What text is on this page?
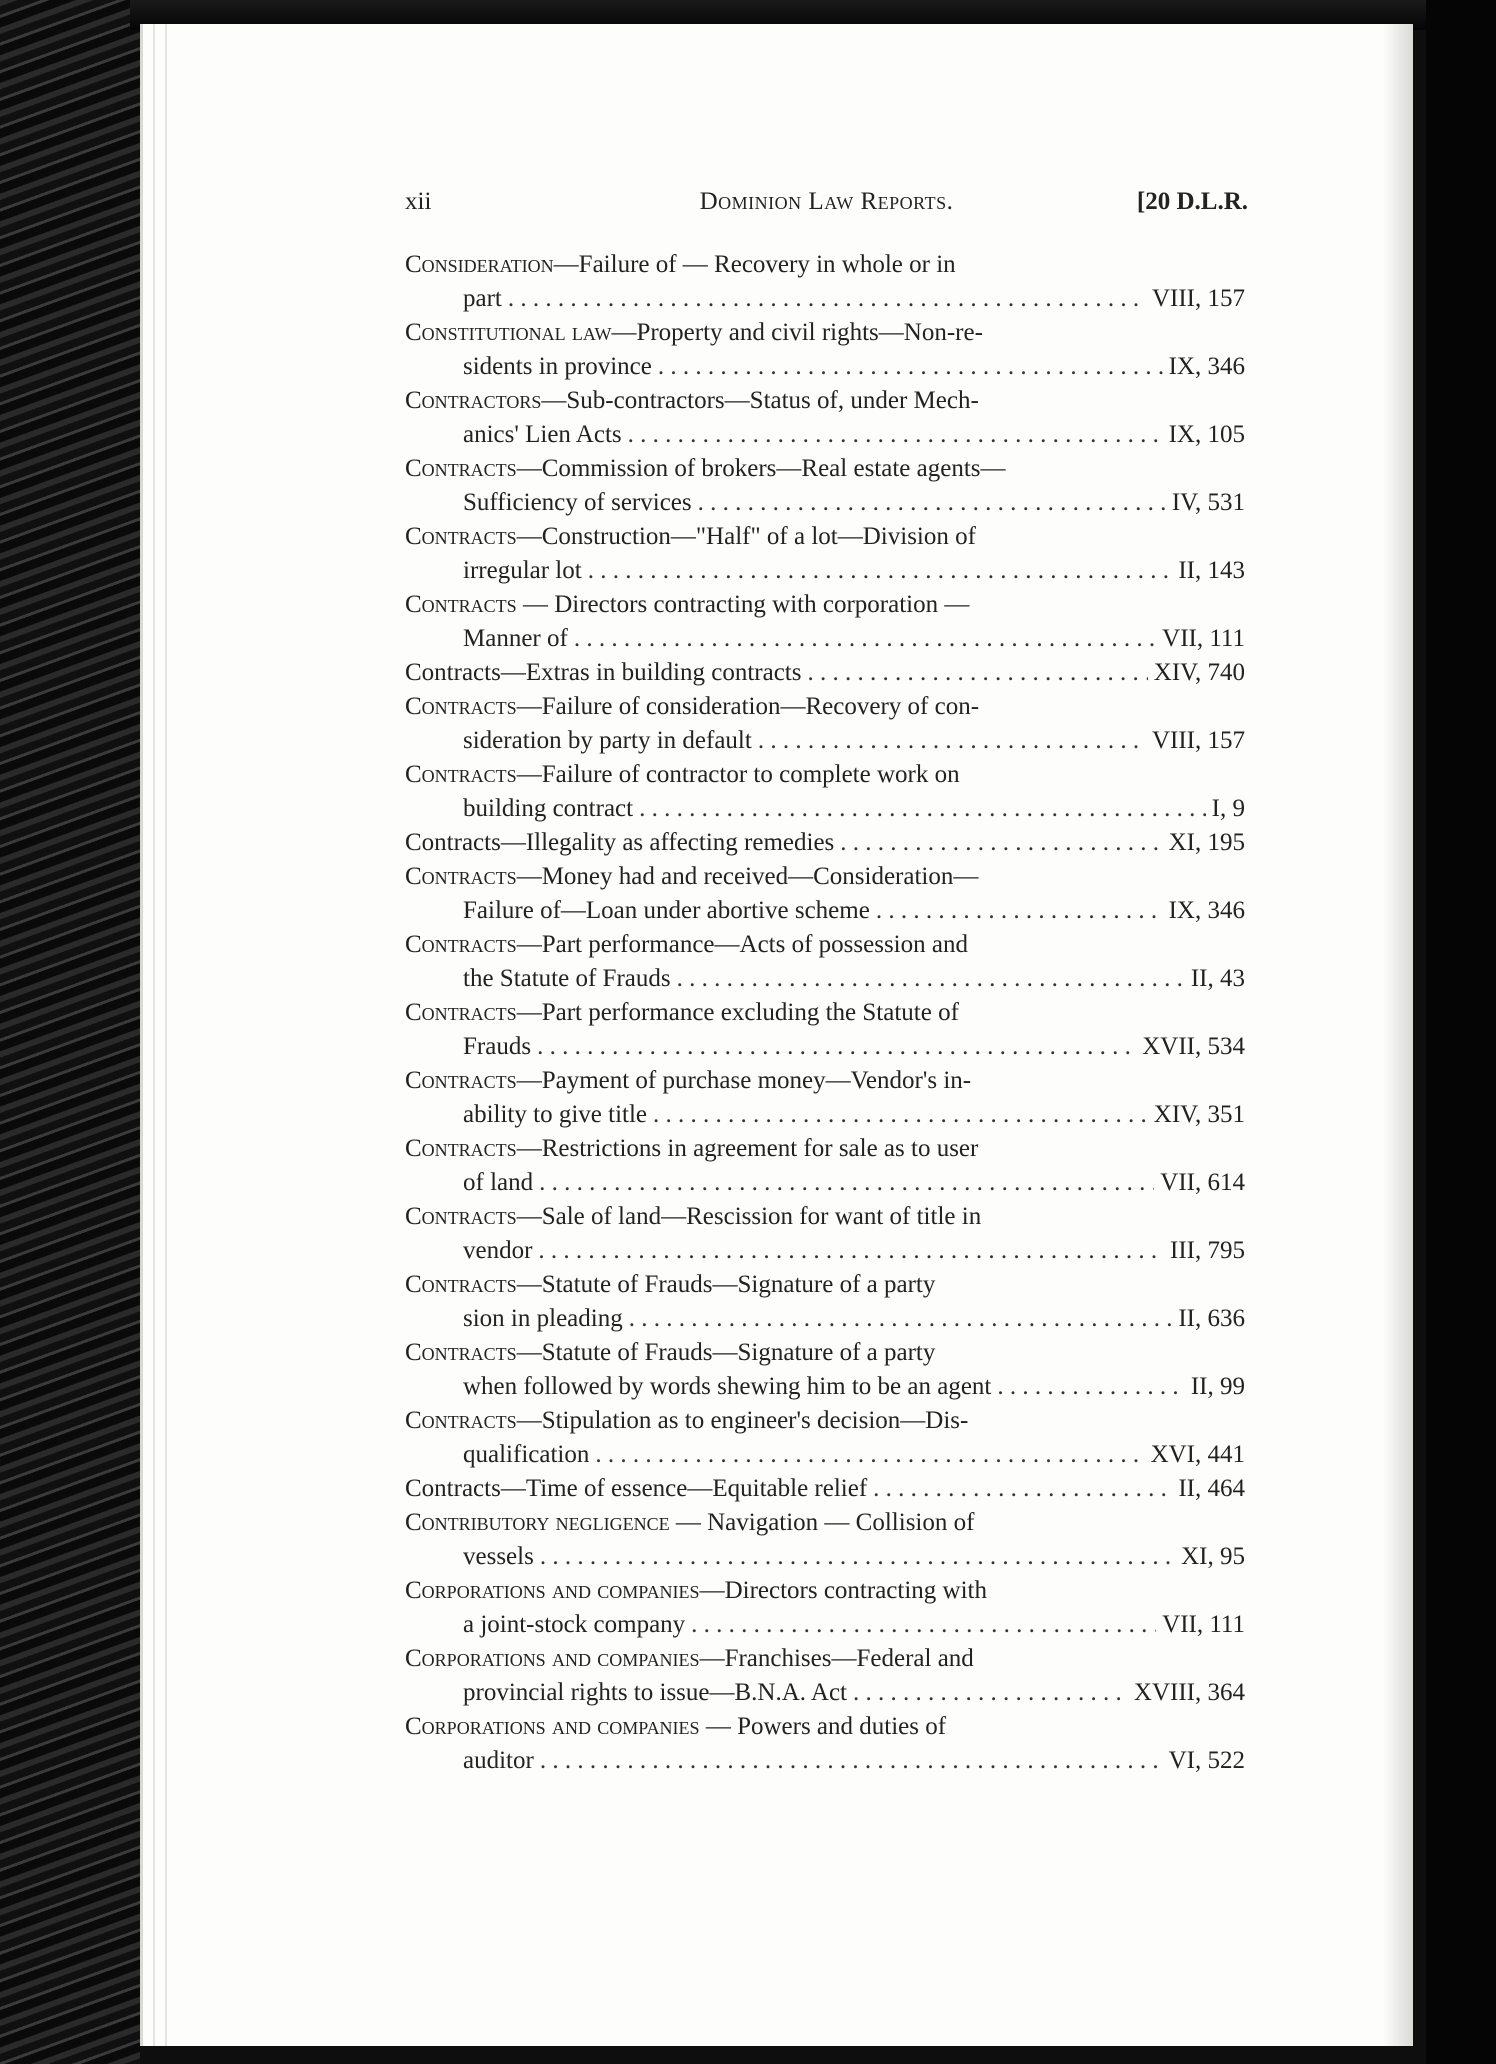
xii	Dominion Law Reports.	[20 D.L.R.
Consideration—Failure of — Recovery in whole or in
part . . .	VIII, 157
Constitutional law—Property and civil rights—Non-re-
sidents in province . . .	IX, 346
Contractors—Sub-contractors—Status of, under Mech-
anics' Lien Acts . . .	IX, 105
Contracts—Commission of brokers—Real estate agents—
Sufficiency of services . . .	IV, 531
Contracts—Construction—"Half" of a lot—Division of
irregular lot . . .	II, 143
Contracts — Directors contracting with corporation —
Manner of . . .	VII, 111
Contracts—Extras in building contracts . . .	XIV, 740
Contracts—Failure of consideration—Recovery of con-
sideration by party in default . . .	VIII, 157
Contracts—Failure of contractor to complete work on
building contract . . .	I, 9
Contracts—Illegality as affecting remedies . . .	XI, 195
Contracts—Money had and received—Consideration—
Failure of—Loan under abortive scheme . . .	IX, 346
Contracts—Part performance—Acts of possession and
the Statute of Frauds . . .	II, 43
Contracts—Part performance excluding the Statute of
Frauds . . .	XVII, 534
Contracts—Payment of purchase money—Vendor's in-
ability to give title . . .	XIV, 351
Contracts—Restrictions in agreement for sale as to user
of land . . .	VII, 614
Contracts—Sale of land—Rescission for want of title in
vendor . . .	III, 795
Contracts—Statute of Frauds—Signature of a party
sion in pleading . . .	II, 636
Contracts—Statute of Frauds—Signature of a party
when followed by words shewing him to be an agent . . .	II, 99
Contracts—Stipulation as to engineer's decision—Dis-
qualification . . .	XVI, 441
Contracts—Time of essence—Equitable relief . . .	II, 464
Contributory negligence — Navigation — Collision of
vessels . . .	XI, 95
Corporations and companies—Directors contracting with
a joint-stock company . . .	VII, 111
Corporations and companies—Franchises—Federal and
provincial rights to issue—B.N.A. Act . . .	XVIII, 364
Corporations and companies — Powers and duties of
auditor . . .	VI, 522
